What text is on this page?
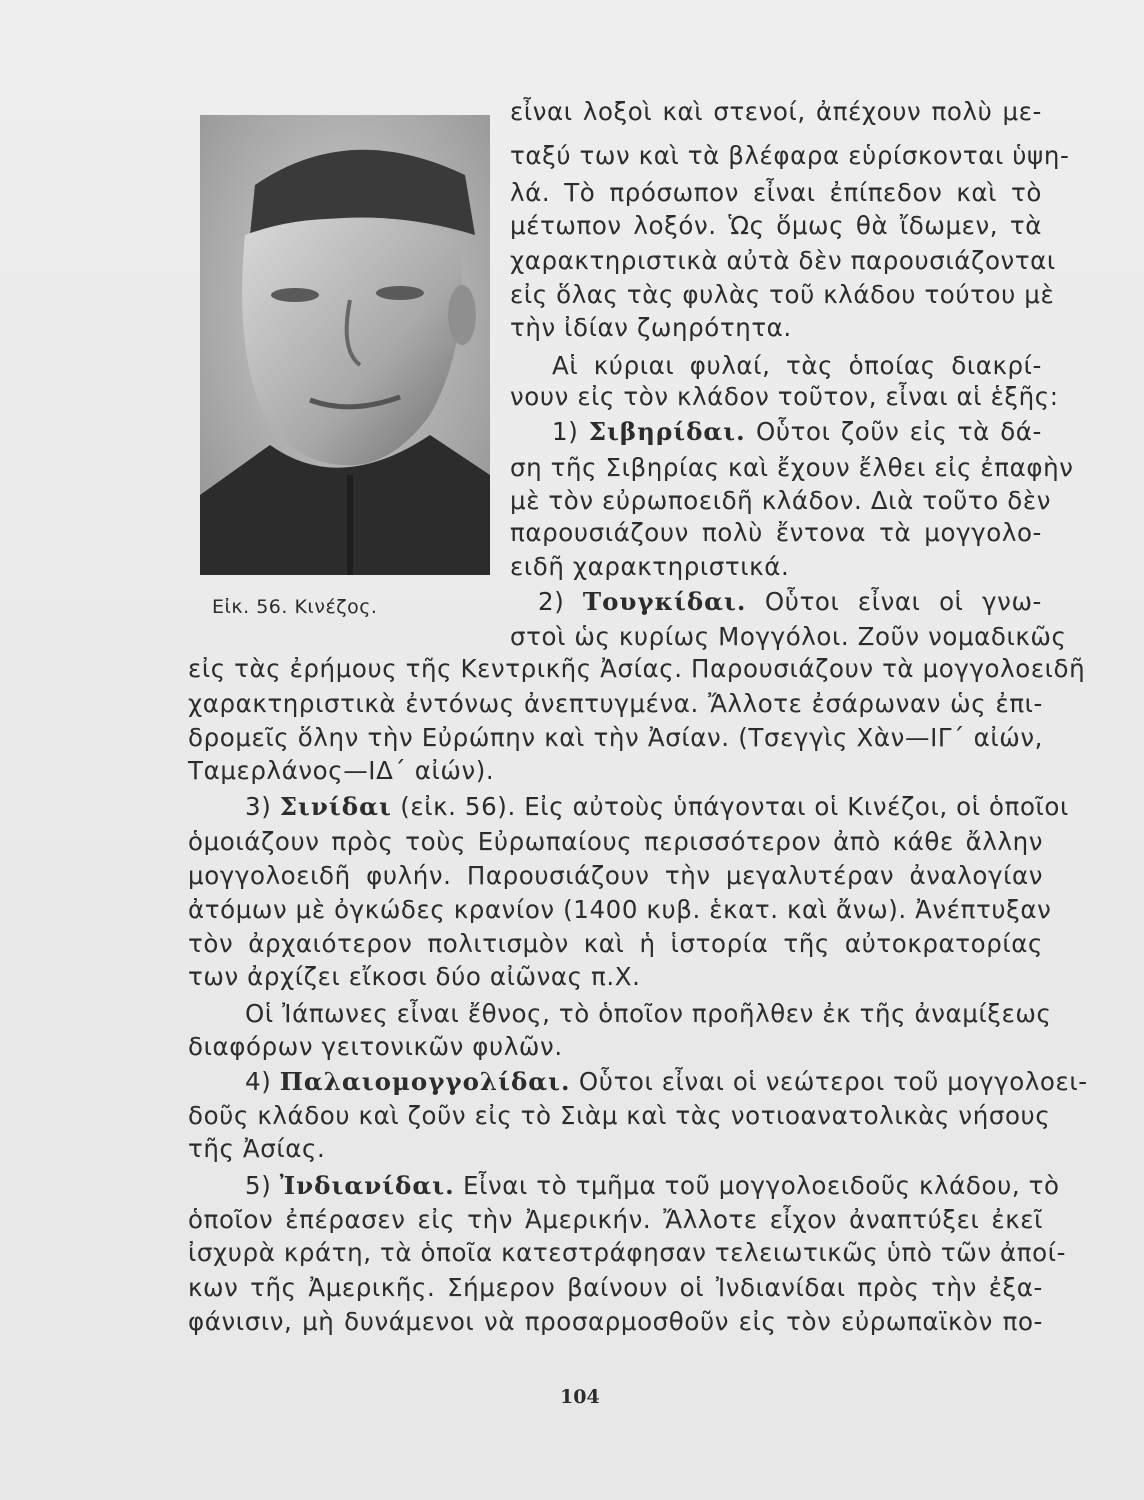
Εἰκ. 56. Κινέζος.
εἶναι λοξοὶ καὶ στενοί, ἀπέχουν πολὺ με-
ταξύ των καὶ τὰ βλέφαρα εὑρίσκονται ὑψη-
λά. Τὸ πρόσωπον εἶναι ἐπίπεδον καὶ τὸ
μέτωπον λοξόν. Ὡς ὅμως θὰ ἴδωμεν, τὰ
χαρακτηριστικὰ αὐτὰ δὲν παρουσιάζονται
εἰς ὅλας τὰς φυλὰς τοῦ κλάδου τούτου μὲ
τὴν ἰδίαν ζωηρότητα.
Αἱ κύριαι φυλαί, τὰς ὁποίας διακρί-
νουν εἰς τὸν κλάδον τοῦτον, εἶναι αἱ ἑξῆς:
1) Σιβηρίδαι. Οὗτοι ζοῦν εἰς τὰ δά-
ση τῆς Σιβηρίας καὶ ἔχουν ἔλθει εἰς ἐπαφὴν
μὲ τὸν εὐρωποειδῆ κλάδον. Διὰ τοῦτο δὲν
παρουσιάζουν πολὺ ἔντονα τὰ μογγολο-
ειδῆ χαρακτηριστικά.
2) Τουγκίδαι. Οὗτοι εἶναι οἱ γνω-
στοὶ ὡς κυρίως Μογγόλοι. Ζοῦν νομαδικῶς
εἰς τὰς ἐρήμους τῆς Κεντρικῆς Ἀσίας. Παρουσιάζουν τὰ μογγολοειδῆ
χαρακτηριστικὰ ἐντόνως ἀνεπτυγμένα. Ἄλλοτε ἐσάρωναν ὡς ἐπι-
δρομεῖς ὅλην τὴν Εὐρώπην καὶ τὴν Ἀσίαν. (Τσεγγὶς Χὰν—ΙΓ΄ αἰών,
Ταμερλάνος—ΙΔ΄ αἰών).
3) Σινίδαι (εἰκ. 56). Εἰς αὐτοὺς ὑπάγονται οἱ Κινέζοι, οἱ ὁποῖοι
ὁμοιάζουν πρὸς τοὺς Εὐρωπαίους περισσότερον ἀπὸ κάθε ἄλλην
μογγολοειδῆ φυλήν. Παρουσιάζουν τὴν μεγαλυτέραν ἀναλογίαν
ἀτόμων μὲ ὀγκώδες κρανίον (1400 κυβ. ἑκατ. καὶ ἄνω). Ἀνέπτυξαν
τὸν ἀρχαιότερον πολιτισμὸν καὶ ἡ ἱστορία τῆς αὐτοκρατορίας
των ἀρχίζει εἴκοσι δύο αἰῶνας π.Χ.
Οἱ Ἰάπωνες εἶναι ἔθνος, τὸ ὁποῖον προῆλθεν ἐκ τῆς ἀναμίξεως
διαφόρων γειτονικῶν φυλῶν.
4) Παλαιομογγολίδαι. Οὗτοι εἶναι οἱ νεώτεροι τοῦ μογγολοει-
δοῦς κλάδου καὶ ζοῦν εἰς τὸ Σιὰμ καὶ τὰς νοτιοανατολικὰς νήσους
τῆς Ἀσίας.
5) Ἰνδιανίδαι. Εἶναι τὸ τμῆμα τοῦ μογγολοειδοῦς κλάδου, τὸ
ὁποῖον ἐπέρασεν εἰς τὴν Ἀμερικήν. Ἄλλοτε εἶχον ἀναπτύξει ἐκεῖ
ἰσχυρὰ κράτη, τὰ ὁποῖα κατεστράφησαν τελειωτικῶς ὑπὸ τῶν ἀποί-
κων τῆς Ἀμερικῆς. Σήμερον βαίνουν οἱ Ἰνδιανίδαι πρὸς τὴν ἐξα-
φάνισιν, μὴ δυνάμενοι νὰ προσαρμοσθοῦν εἰς τὸν εὐρωπαϊκὸν πο-
104
